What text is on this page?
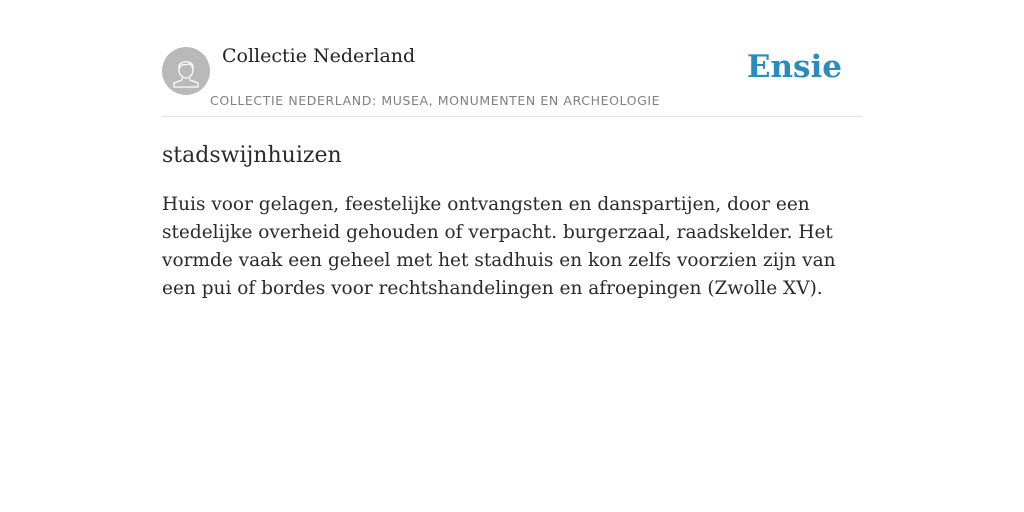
Collectie Nederland
COLLECTIE NEDERLAND: MUSEA, MONUMENTEN EN ARCHEOLOGIE
Ensie
stadswijnhuizen

Huis voor gelagen, feestelijke ontvangsten en danspartijen, door een stedelijke overheid gehouden of verpacht. burgerzaal, raadskelder. Het vormde vaak een geheel met het stadhuis en kon zelfs voorzien zijn van een pui of bordes voor rechtshandelingen en afroepingen (Zwolle XV).
